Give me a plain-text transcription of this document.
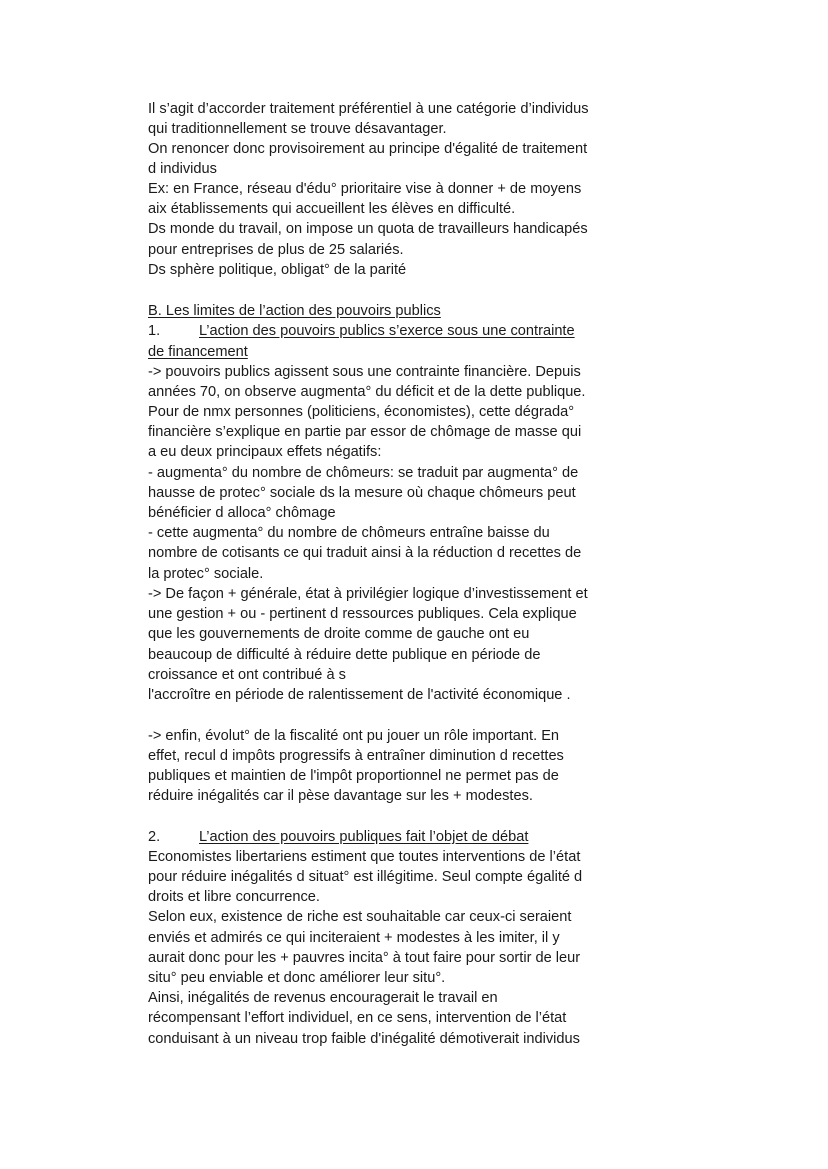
Il s’agit d’accorder traitement préférentiel à une catégorie d’individus
qui traditionnellement se trouve désavantager.
On renoncer donc provisoirement au principe d'égalité de traitement
d individus
Ex: en France, réseau d'édu° prioritaire vise à donner + de moyens
aix établissements qui accueillent les élèves en difficulté.
Ds monde du travail, on impose un quota de travailleurs handicapés
pour entreprises de plus de 25 salariés.
Ds sphère politique, obligat° de la parité
B. Les limites de l’action des pouvoirs publics
1.	L’action des pouvoirs publics s’exerce sous une contrainte
de financement
-> pouvoirs publics agissent sous une contrainte financière. Depuis
années 70, on observe augmenta° du déficit et de la dette publique.
Pour de nmx personnes (politiciens, économistes), cette dégrada°
financière s’explique en partie par essor de chômage de masse qui
a eu deux principaux effets négatifs:
- augmenta° du nombre de chômeurs: se traduit par augmenta° de
hausse de protec° sociale ds la mesure où chaque chômeurs peut
bénéficier d alloca° chômage
- cette augmenta° du nombre de chômeurs entraîne baisse du
nombre de cotisants ce qui traduit ainsi à la réduction d recettes de
la protec° sociale.
-> De façon + générale, état à privilégier logique d’investissement et
une gestion + ou - pertinent d ressources publiques. Cela explique
que les gouvernements de droite comme de gauche ont eu
beaucoup de difficulté à réduire dette publique en période de
croissance et ont contribué à s
l'accroître en période de ralentissement de l'activité économique .
-> enfin, évolut° de la fiscalité ont pu jouer un rôle important. En
effet, recul d impôts progressifs à entraîner diminution d recettes
publiques et maintien de l'impôt proportionnel ne permet pas de
réduire inégalités car il pèse davantage sur les + modestes.
2.	L’action des pouvoirs publiques fait l’objet de débat
Economistes libertariens estiment que toutes interventions de l’état
pour réduire inégalités d situat° est illégitime. Seul compte égalité d
droits et libre concurrence.
Selon eux, existence de riche est souhaitable car ceux-ci seraient
enviés et admirés ce qui inciteraient + modestes à les imiter, il y
aurait donc pour les + pauvres incita° à tout faire pour sortir de leur
situ° peu enviable et donc améliorer leur situ°.
Ainsi, inégalités de revenus encouragerait le travail en
récompensant l’effort individuel, en ce sens, intervention de l’état
conduisant à un niveau trop faible d'inégalité démotiverait individus
